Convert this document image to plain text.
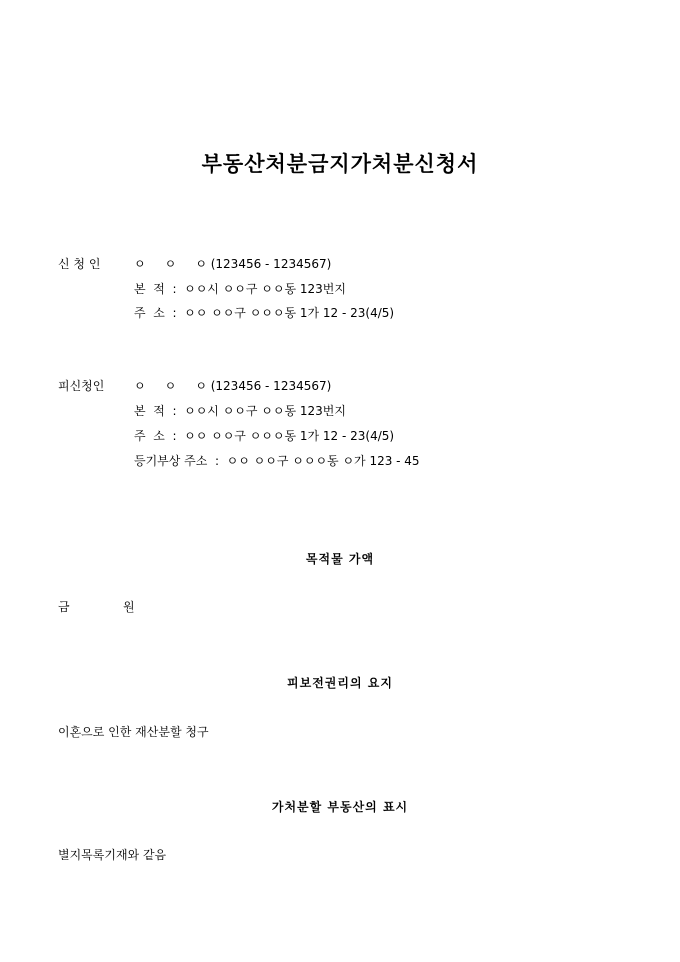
부동산처분금지가처분신청서
신 청 인	ㅇ     ㅇ     ㅇ (123456 - 1234567)
본  적  :  ㅇㅇ시 ㅇㅇ구 ㅇㅇ동 123번지
주  소  :  ㅇㅇ ㅇㅇ구 ㅇㅇㅇ동 1가 12 - 23(4/5)
피신청인 ㅇ     ㅇ     ㅇ (123456 - 1234567)
본  적  :  ㅇㅇ시 ㅇㅇ구 ㅇㅇ동 123번지
주  소  :  ㅇㅇ ㅇㅇ구 ㅇㅇㅇ동 1가 12 - 23(4/5)
등기부상 주소  :  ㅇㅇ ㅇㅇ구 ㅇㅇㅇ동 ㅇ가 123 - 45
목적물 가액
금              원
피보전권리의 요지
이혼으로 인한 재산분할 청구
가처분할 부동산의 표시
별지목록기재와 같음
